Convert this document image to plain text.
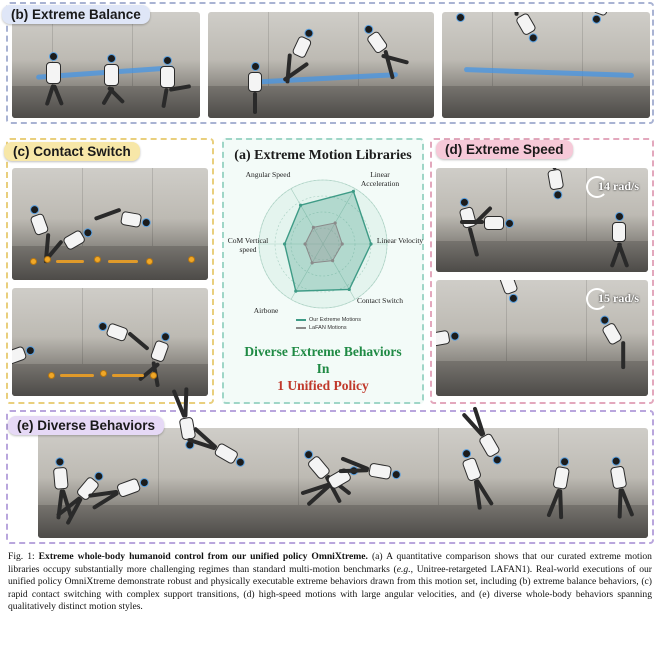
(b) Extreme Balance
(c) Contact Switch	(a) Extreme Motion Libraries
Angular Speed	Linear Acceleration
Linear Velocity
Contact Switch
Airbone
CoM Vertical speed
Our Extreme Motions
LaFAN Motions
Diverse Extreme Behaviors
In
1 Unified Policy
14 rad/s
15 rad/s
(d) Extreme Speed
(e) Diverse Behaviors
Fig. 1: Extreme whole-body humanoid control from our unified policy OmniXtreme. (a) A quantitative comparison shows that our curated extreme motion libraries occupy substantially more challenging regimes than standard multi-motion benchmarks (e.g., Unitree-retargeted LAFAN1). Real-world executions of our unified policy OmniXtreme demonstrate robust and physically executable extreme behaviors drawn from this motion set, including (b) extreme balance behaviors, (c) rapid contact switching with complex support transitions, (d) high-speed motions with large angular velocities, and (e) diverse whole-body behaviors spanning qualitatively distinct motion styles.
